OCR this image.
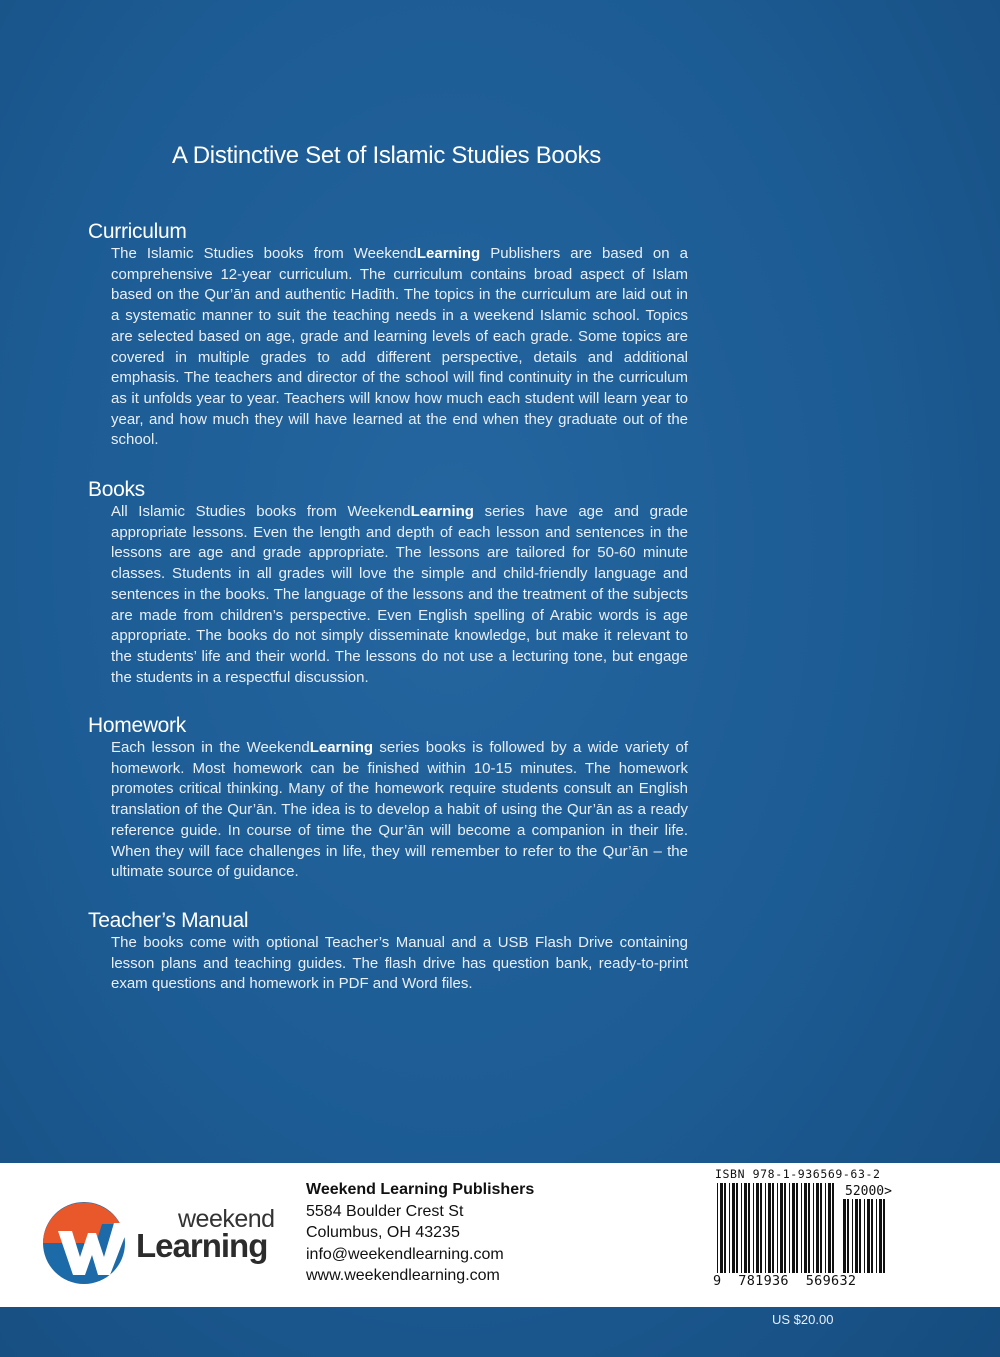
A Distinctive Set of Islamic Studies Books
Curriculum

The Islamic Studies books from WeekendLearning Publishers are based on a comprehensive 12-year curriculum. The curriculum contains broad aspect of Islam based on the Qur’ān and authentic Hadīth. The topics in the curriculum are laid out in a systematic manner to suit the teaching needs in a weekend Islamic school. Topics are selected based on age, grade and learning levels of each grade. Some topics are covered in multiple grades to add different perspective, details and additional emphasis. The teachers and director of the school will find continuity in the curriculum as it unfolds year to year. Teachers will know how much each student will learn year to year, and how much they will have learned at the end when they graduate out of the school.

Books

All Islamic Studies books from WeekendLearning series have age and grade appropriate lessons. Even the length and depth of each lesson and sentences in the lessons are age and grade appropriate. The lessons are tailored for 50-60 minute classes. Students in all grades will love the simple and child-friendly language and sentences in the books. The language of the lessons and the treatment of the subjects are made from children’s perspective. Even English spelling of Arabic words is age appropriate. The books do not simply disseminate knowledge, but make it relevant to the students’ life and their world. The lessons do not use a lecturing tone, but engage the students in a respectful discussion.

Homework

Each lesson in the WeekendLearning series books is followed by a wide variety of homework. Most homework can be finished within 10-15 minutes. The homework promotes critical thinking. Many of the homework require students consult an English translation of the Qur’ān. The idea is to develop a habit of using the Qur’ān as a ready reference guide. In course of time the Qur’ān will become a companion in their life. When they will face challenges in life, they will remember to refer to the Qur’ān – the ultimate source of guidance.

Teacher’s Manual

The books come with optional Teacher’s Manual and a USB Flash Drive containing lesson plans and teaching guides. The flash drive has question bank, ready-to-print exam questions and homework in PDF and Word files.

weekend
Learning
Weekend Learning Publishers
5584 Boulder Crest St
Columbus, OH 43235
info@weekendlearning.com
www.weekendlearning.com
ISBN 978-1-936569-63-2
52000>
9 781936 569632
US $20.00
